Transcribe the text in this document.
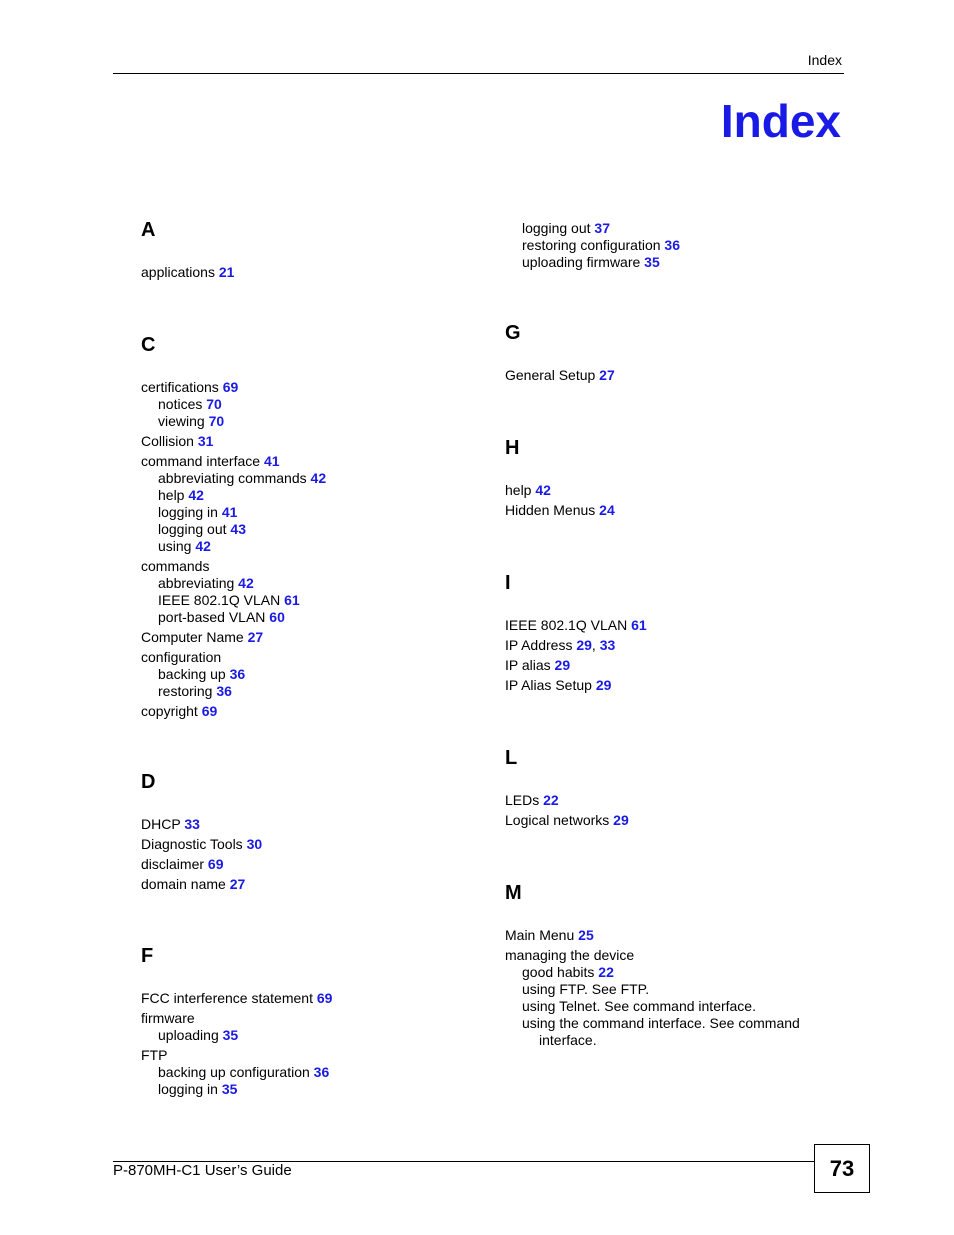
Index
Index
A
applications 21
C
certifications 69
notices 70
viewing 70
Collision 31
command interface 41
abbreviating commands 42
help 42
logging in 41
logging out 43
using 42
commands
abbreviating 42
IEEE 802.1Q VLAN 61
port-based VLAN 60
Computer Name 27
configuration
backing up 36
restoring 36
copyright 69
D
DHCP 33
Diagnostic Tools 30
disclaimer 69
domain name 27
F
FCC interference statement 69
firmware
uploading 35
FTP
backing up configuration 36
logging in 35
logging out 37
restoring configuration 36
uploading firmware 35
G
General Setup 27
H
help 42
Hidden Menus 24
I
IEEE 802.1Q VLAN 61
IP Address 29, 33
IP alias 29
IP Alias Setup 29
L
LEDs 22
Logical networks 29
M
Main Menu 25
managing the device
good habits 22
using FTP. See FTP.
using Telnet. See command interface.
using the command interface. See command
interface.
P-870MH-C1 User’s Guide	73
